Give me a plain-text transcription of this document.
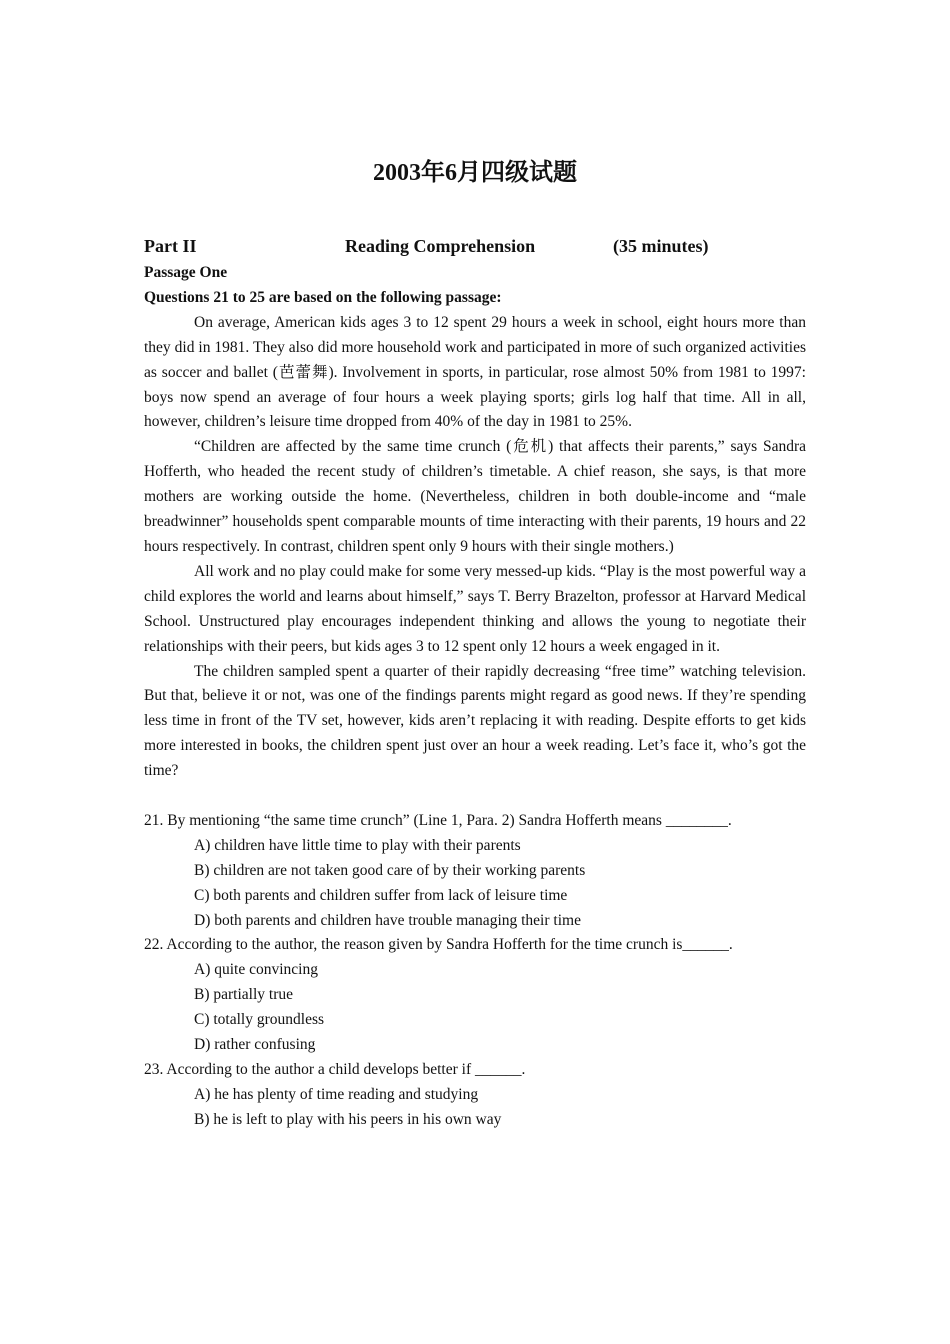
2003年6月四级试题
Part II	Reading Comprehension	(35 minutes)

Passage One

Questions 21 to 25 are based on the following passage:

On average, American kids ages 3 to 12 spent 29 hours a week in school, eight hours more than they did in 1981. They also did more household work and participated in more of such organized activities as soccer and ballet (芭蕾舞). Involvement in sports, in particular, rose almost 50% from 1981 to 1997: boys now spend an average of four hours a week playing sports; girls log half that time. All in all, however, children’s leisure time dropped from 40% of the day in 1981 to 25%.

“Children are affected by the same time crunch (危机) that affects their parents,” says Sandra Hofferth, who headed the recent study of children’s timetable. A chief reason, she says, is that more mothers are working outside the home. (Nevertheless, children in both double-income and “male breadwinner” households spent comparable mounts of time interacting with their parents, 19 hours and 22 hours respectively. In contrast, children spent only 9 hours with their single mothers.)

All work and no play could make for some very messed-up kids. “Play is the most powerful way a child explores the world and learns about himself,” says T. Berry Brazelton, professor at Harvard Medical School. Unstructured play encourages independent thinking and allows the young to negotiate their relationships with their peers, but kids ages 3 to 12 spent only 12 hours a week engaged in it.

The children sampled spent a quarter of their rapidly decreasing “free time” watching television. But that, believe it or not, was one of the findings parents might regard as good news. If they’re spending less time in front of the TV set, however, kids aren’t replacing it with reading. Despite efforts to get kids more interested in books, the children spent just over an hour a week reading. Let’s face it, who’s got the time?

21. By mentioning “the same time crunch” (Line 1, Para. 2) Sandra Hofferth means ________.

A) children have little time to play with their parents

B) children are not taken good care of by their working parents

C) both parents and children suffer from lack of leisure time

D) both parents and children have trouble managing their time

22. According to the author, the reason given by Sandra Hofferth for the time crunch is______.

A) quite convincing

B) partially true

C) totally groundless

D) rather confusing

23. According to the author a child develops better if ______.

A) he has plenty of time reading and studying

B) he is left to play with his peers in his own way
